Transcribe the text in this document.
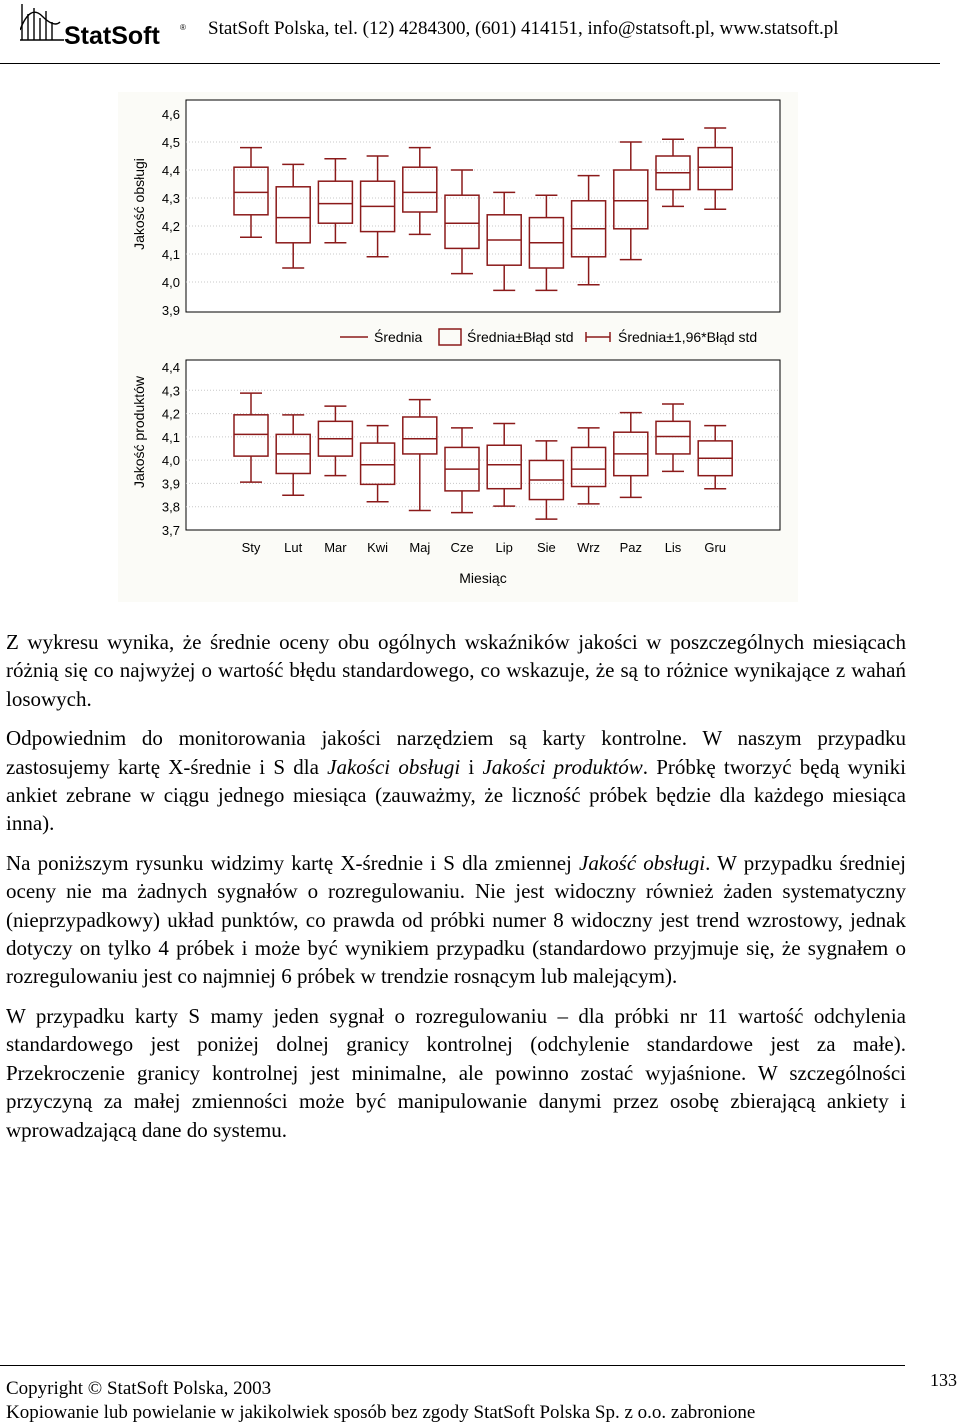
StatSoft	® StatSoft Polska, tel. (12) 4284300, (601) 414151, info@statsoft.pl, www.statsoft.pl
4,6
4,5
4,4
4,3
4,2
4,1
4,0
3,9
Jakość obsługi
Średnia	Średnia±Błąd std	Średnia±1,96*Błąd std
4,4
4,3
4,2
4,1
4,0
3,9
3,8
3,7
Jakość produktów
Sty Lut Mar Kwi Maj Cze Lip Sie Wrz Paz Lis Gru
Miesiąc

Z wykresu wynika, że średnie oceny obu ogólnych wskaźników jakości w poszczególnych miesiącach różnią się co najwyżej o wartość błędu standardowego, co wskazuje, że są to różnice wynikające z wahań losowych.

Odpowiednim do monitorowania jakości narzędziem są karty kontrolne. W naszym przypadku zastosujemy kartę X-średnie i S dla Jakości obsługi i Jakości produktów. Próbkę tworzyć będą wyniki ankiet zebrane w ciągu jednego miesiąca (zauważmy, że liczność próbek będzie dla każdego miesiąca inna).

Na poniższym rysunku widzimy kartę X-średnie i S dla zmiennej Jakość obsługi. W przypadku średniej oceny nie ma żadnych sygnałów o rozregulowaniu. Nie jest widoczny również żaden systematyczny (nieprzypadkowy) układ punktów, co prawda od próbki numer 8 widoczny jest trend wzrostowy, jednak dotyczy on tylko 4 próbek i może być wynikiem przypadku (standardowo przyjmuje się, że sygnałem o rozregulowaniu jest co najmniej 6 próbek w trendzie rosnącym lub malejącym).

W przypadku karty S mamy jeden sygnał o rozregulowaniu – dla próbki nr 11 wartość odchylenia standardowego jest poniżej dolnej granicy kontrolnej (odchylenie standardowe jest za małe). Przekroczenie granicy kontrolnej jest minimalne, ale powinno zostać wyjaśnione. W szczególności przyczyną za małej zmienności może być manipulowanie danymi przez osobę zbierającą ankiety i wprowadzającą dane do systemu.

Copyright © StatSoft Polska, 2003
Kopiowanie lub powielanie w jakikolwiek sposób bez zgody StatSoft Polska Sp. z o.o. zabronione
133
